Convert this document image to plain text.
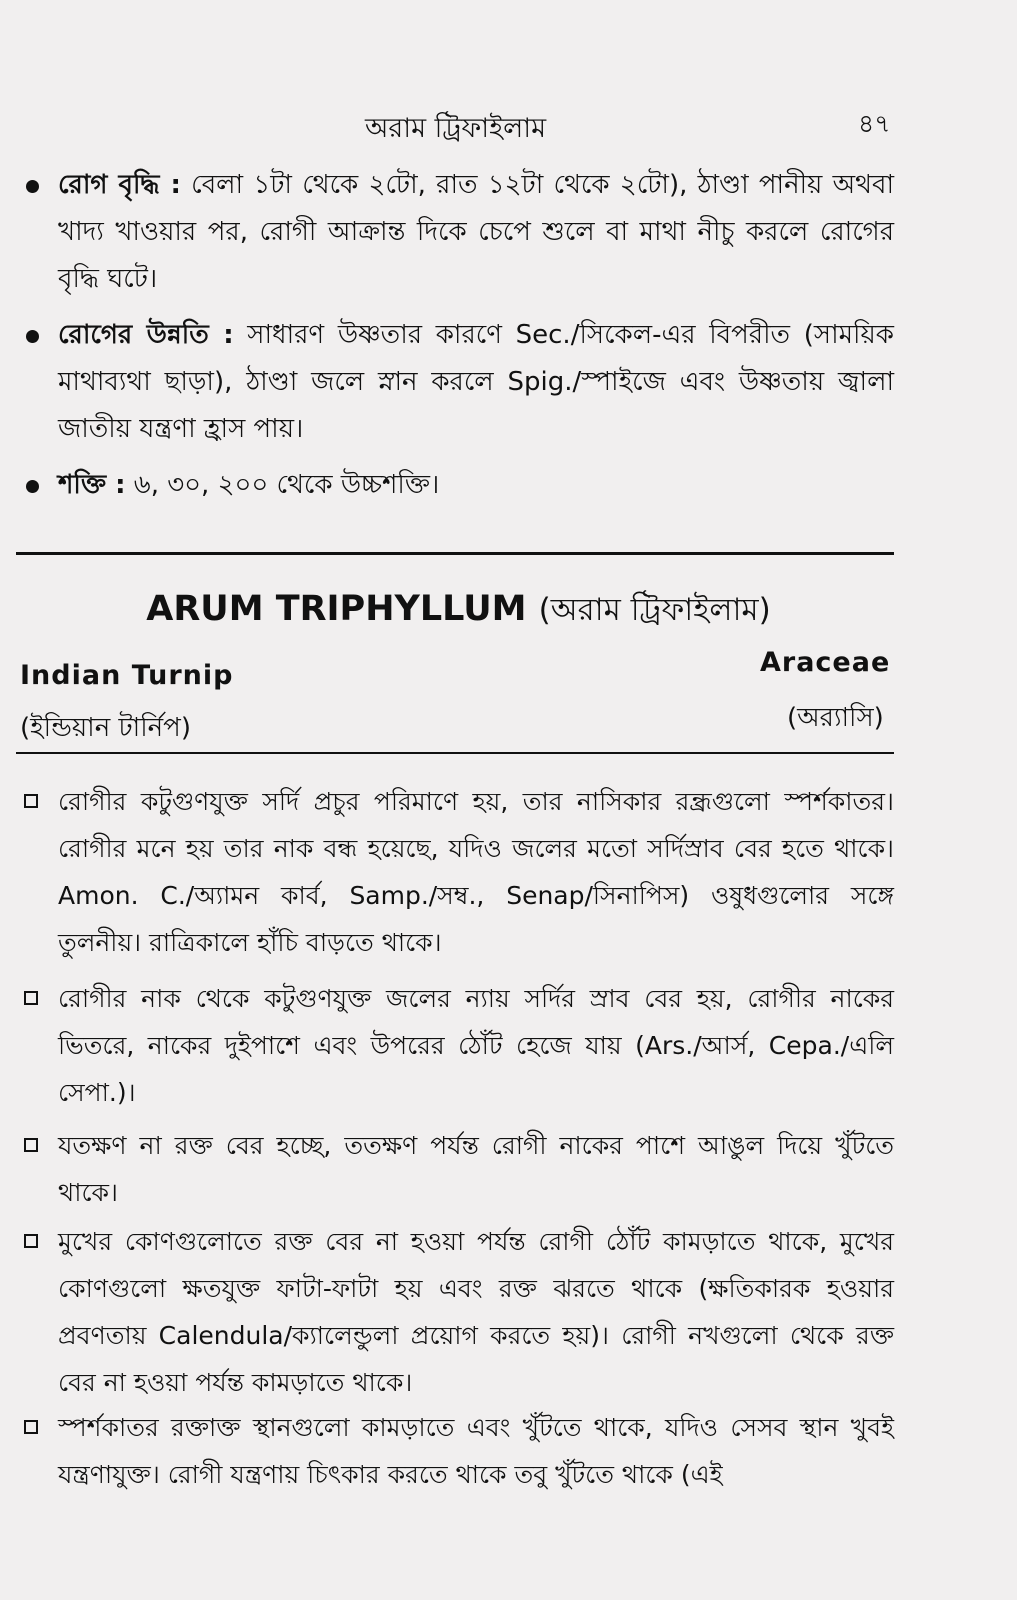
অরাম ট্রিফাইলাম	৪৭
রোগ বৃদ্ধি : বেলা ১টা থেকে ২টো, রাত ১২টা থেকে ২টো), ঠাণ্ডা পানীয় অথবা খাদ্য খাওয়ার পর, রোগী আক্রান্ত দিকে চেপে শুলে বা মাথা নীচু করলে রোগের বৃদ্ধি ঘটে।
রোগের উন্নতি : সাধারণ উষ্ণতার কারণে Sec./সিকেল-এর বিপরীত (সাময়িক মাথাব্যথা ছাড়া), ঠাণ্ডা জলে স্নান করলে Spig./স্পাইজে এবং উষ্ণতায় জ্বালা জাতীয় যন্ত্রণা হ্রাস পায়।
শক্তি : ৬, ৩০, ২০০ থেকে উচ্চশক্তি।
ARUM TRIPHYLLUM (অরাম ট্রিফাইলাম)
Indian Turnip
(ইন্ডিয়ান টার্নিপ)
Araceae
(অর‍্যাসি)
রোগীর কটুগুণযুক্ত সর্দি প্রচুর পরিমাণে হয়, তার নাসিকার রন্ধ্রগুলো স্পর্শকাতর। রোগীর মনে হয় তার নাক বন্ধ হয়েছে, যদিও জলের মতো সর্দিস্রাব বের হতে থাকে। Amon. C./অ্যামন কার্ব, Samp./সম্ব., Senap/সিনাপিস) ওষুধগুলোর সঙ্গে তুলনীয়। রাত্রিকালে হাঁচি বাড়তে থাকে।
রোগীর নাক থেকে কটুগুণযুক্ত জলের ন্যায় সর্দির স্রাব বের হয়, রোগীর নাকের ভিতরে, নাকের দুইপাশে এবং উপরের ঠোঁট হেজে যায় (Ars./আর্স, Cepa./এলি সেপা.)।
যতক্ষণ না রক্ত বের হচ্ছে, ততক্ষণ পর্যন্ত রোগী নাকের পাশে আঙুল দিয়ে খুঁটতে থাকে।
মুখের কোণগুলোতে রক্ত বের না হওয়া পর্যন্ত রোগী ঠোঁট কামড়াতে থাকে, মুখের কোণগুলো ক্ষতযুক্ত ফাটা-ফাটা হয় এবং রক্ত ঝরতে থাকে (ক্ষতিকারক হওয়ার প্রবণতায় Calendula/ক্যালেন্ডুলা প্রয়োগ করতে হয়)। রোগী নখগুলো থেকে রক্ত বের না হওয়া পর্যন্ত কামড়াতে থাকে।
স্পর্শকাতর রক্তাক্ত স্থানগুলো কামড়াতে এবং খুঁটতে থাকে, যদিও সেসব স্থান খুবই যন্ত্রণাযুক্ত। রোগী যন্ত্রণায় চিৎকার করতে থাকে তবু খুঁটতে থাকে (এই
